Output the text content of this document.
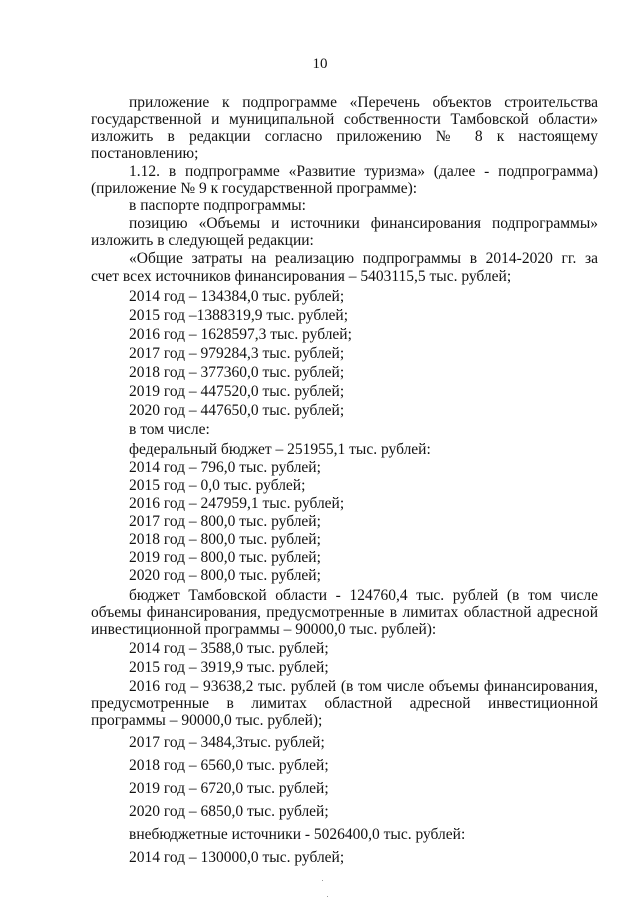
10
приложение к подпрограмме «Перечень объектов строительства
государственной и муниципальной собственности Тамбовской области»
изложить в редакции согласно приложению № 8 к настоящему
постановлению;
1.12. в подпрограмме «Развитие туризма» (далее - подпрограмма)
(приложение № 9 к государственной программе):
в паспорте подпрограммы:
позицию «Объемы и источники финансирования подпрограммы»
изложить в следующей редакции:
«Общие затраты на реализацию подпрограммы в 2014-2020 гг. за
счет всех источников финансирования – 5403115,5 тыс. рублей;
2014 год – 134384,0 тыс. рублей;
2015 год –1388319,9 тыс. рублей;
2016 год – 1628597,3 тыс. рублей;
2017 год – 979284,3 тыс. рублей;
2018 год – 377360,0 тыс. рублей;
2019 год – 447520,0 тыс. рублей;
2020 год – 447650,0 тыс. рублей;
в том числе:
федеральный бюджет – 251955,1 тыс. рублей:
2014 год – 796,0 тыс. рублей;
2015 год – 0,0 тыс. рублей;
2016 год – 247959,1 тыс. рублей;
2017 год – 800,0 тыс. рублей;
2018 год – 800,0 тыс. рублей;
2019 год – 800,0 тыс. рублей;
2020 год – 800,0 тыс. рублей;
бюджет Тамбовской области - 124760,4 тыс. рублей (в том числе
объемы финансирования, предусмотренные в лимитах областной адресной
инвестиционной программы – 90000,0 тыс. рублей):
2014 год – 3588,0 тыс. рублей;
2015 год – 3919,9 тыс. рублей;
2016 год – 93638,2 тыс. рублей (в том числе объемы финансирования,
предусмотренные в лимитах областной адресной инвестиционной
программы – 90000,0 тыс. рублей);
2017 год – 3484,3тыс. рублей;
2018 год – 6560,0 тыс. рублей;
2019 год – 6720,0 тыс. рублей;
2020 год – 6850,0 тыс. рублей;
внебюджетные источники - 5026400,0 тыс. рублей:
2014 год – 130000,0 тыс. рублей;
